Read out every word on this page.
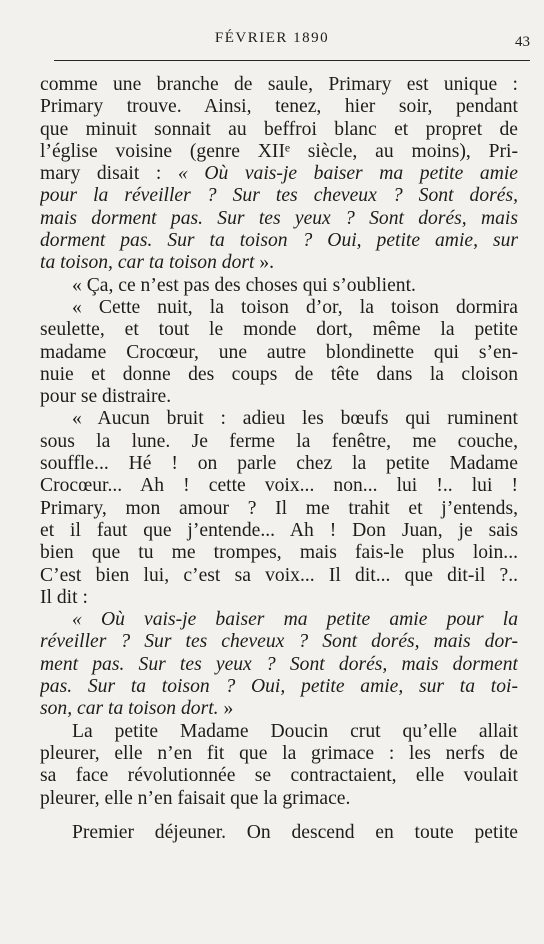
FÉVRIER 1890	43
comme une branche de saule, Primary est unique :
Primary trouve. Ainsi, tenez, hier soir, pendant
que minuit sonnait au beffroi blanc et propret de
l’église voisine (genre XIIᵉ siècle, au moins), Pri-
mary disait : « Où vais-je baiser ma petite amie
pour la réveiller ? Sur tes cheveux ? Sont dorés,
mais dorment pas. Sur tes yeux ? Sont dorés, mais
dorment pas. Sur ta toison ? Oui, petite amie, sur
ta toison, car ta toison dort ».
« Ça, ce n’est pas des choses qui s’oublient.
« Cette nuit, la toison d’or, la toison dormira
seulette, et tout le monde dort, même la petite
madame Crocœur, une autre blondinette qui s’en-
nuie et donne des coups de tête dans la cloison
pour se distraire.
« Aucun bruit : adieu les bœufs qui ruminent
sous la lune. Je ferme la fenêtre, me couche,
souffle... Hé ! on parle chez la petite Madame
Crocœur... Ah ! cette voix... non... lui !.. lui !
Primary, mon amour ? Il me trahit et j’entends,
et il faut que j’entende... Ah ! Don Juan, je sais
bien que tu me trompes, mais fais-le plus loin...
C’est bien lui, c’est sa voix... Il dit... que dit-il ?..
Il dit :
« Où vais-je baiser ma petite amie pour la
réveiller ? Sur tes cheveux ? Sont dorés, mais dor-
ment pas. Sur tes yeux ? Sont dorés, mais dorment
pas. Sur ta toison ? Oui, petite amie, sur ta toi-
son, car ta toison dort. »
La petite Madame Doucin crut qu’elle allait
pleurer, elle n’en fit que la grimace : les nerfs de
sa face révolutionnée se contractaient, elle voulait
pleurer, elle n’en faisait que la grimace.
Premier déjeuner. On descend en toute petite
